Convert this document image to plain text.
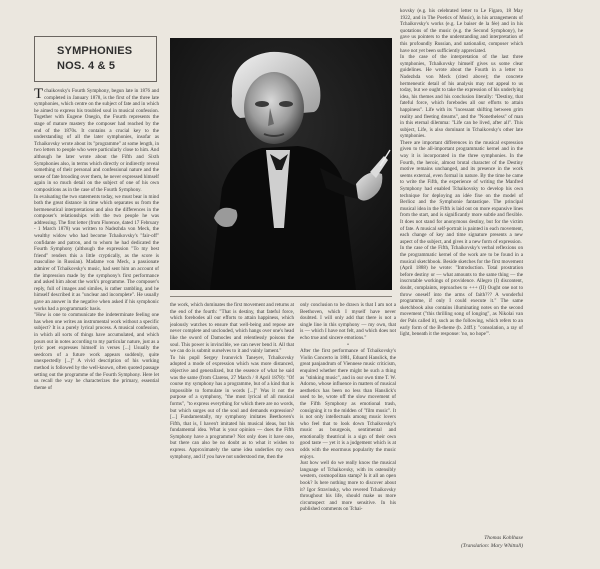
SYMPHONIES
NOS. 4 & 5

Tchaikovsky's Fourth Symphony, begun late in 1876 and completed in January 1878, is the first of the three late symphonies, which centre on the subject of fate and in which he aimed to express his troubled soul in musical confession. Together with Eugene Onegin, the Fourth represents the stage of mature mastery the composer had reached by the end of the 1870s. It contains a crucial key to the understanding of all the later symphonies, insofar as Tchaikovsky wrote about its "programme" at some length, in two letters to people who were particularly close to him. And although he later wrote about the Fifth and Sixth Symphonies also, in terms which directly or indirectly reveal something of their personal and confessional nature and the sense of fate brooding over them, he never expressed himself again in so much detail on the subject of one of his own compositions as in the case of the Fourth Symphony.

In evaluating the two statements today, we must bear in mind both the great distance in time which separates us from the hermeneutical interpretations and also the differences in the composer's relationships with the two people he was addressing. The first letter (from Florence, dated 17 February - 1 March 1878) was written to Nadezhda von Meck, the wealthy widow who had become Tchaikovsky's "fair-off" confidante and patron, and to whom he had dedicated the Fourth Symphony (although the expression "To my best friend" renders this a little cryptically, as the score is masculine in Russian). Madame von Meck, a passionate admirer of Tchaikovsky's music, had sent him an account of the impression made by the symphony's first performance and asked him about the work's programme. The composer's reply, full of images and similes, is rather rambling, and he himself described it as "unclear and incomplete". He usually gave an answer in the negative when asked if his symphonic works had a programmatic basis.

"How is one to communicate the indeterminate feeling one has when one writes an instrumental work without a specific subject? It is a purely lyrical process. A musical confession, in which all sorts of things have accumulated, and which pours out in notes according to my particular nature, just as a lyric poet expresses himself in verses [...] Usually the seedcorn of a future work appears suddenly, quite unexpectedly [...]" A vivid description of his working method is followed by the well-known, often quoted passage setting out the programme of the Fourth Symphony. Here let us recall the way he characterizes the primary, essential theme of

the work, which dominates the first movement and returns at the end of the fourth: "That is destiny, that fateful force, which forebodes all our efforts to attain happiness, which jealously watches to ensure that well-being and repose are never complete and unclouded, which hangs over one's head like the sword of Damocles and relentlessly poisons the soul. This power is invincible, we can never bend it. All that we can do is submit ourselves to it and vainly lament."

To his pupil Sergey Ivanovich Taneyev, Tchaikovsky adopted a mode of expression which was more distanced, objective and generalized, but the essence of what he said was the same (from Clarens, 27 March / 8 April 1878): "Of course my symphony has a programme, but of a kind that is impossible to formulate in words [...]" Was it not the purpose of a symphony, "the most lyrical of all musical forms", "to express everything for which there are no words, but which surges out of the soul and demands expression? [...] Fundamentally, my symphony imitates Beethoven's Fifth, that is, I haven't imitated his musical ideas, but his fundamental idea. What is your opinion — does the Fifth Symphony have a programme? Not only does it have one, but there can also be no doubt as to what it wishes to express. Approximately the same idea underlies my own symphony, and if you have not understood me, then the

only conclusion to be drawn is that I am not a Beethoven, which I myself have never doubted. I will only add that there is not a single line in this symphony — my own, that is — which I have not felt, and which does not echo true and sincere emotions."

•

After the first performance of Tchaikovsky's Violin Concerto in 1881, Eduard Hanslick, the great panjandrum of Viennese music criticism, enquired whether there might be such a thing as "stinking music", and in our own time T. W. Adorno, whose influence in matters of musical aesthetics has been no less than Hanslick's used to be, wrote off the slow movement of the Fifth Symphony as emotional trash, consigning it to the midden of "film music". It is not only intellectuals among music lovers who feel that to look down Tchaikovsky's music as bourgeois, sentimental and emotionally theatrical is a sign of their own good taste — yet it is a judgement which is at odds with the enormous popularity the music enjoys.

Just how well do we really know the musical language of Tchaikovsky, with its ostensibly western, cosmopolitan stamp? Is it all an open book? Is here nothing more to discover about it? Igor Stravinsky, who revered Tchaikovsky throughout his life, should make us more circumspect and more sensitive. In his published comments on Tchai-

kovsky (e.g. his celebrated letter to Le Figaro, 18 May 1922, and in The Poetics of Music), in his arrangements of Tchaikovsky's works (e.g. Le baiser de la fée) and in his quotations of the music (e.g. the Second Symphony), he gave us pointers to the understanding and interpretation of this profoundly Russian, and nationalist, composer which have not yet been sufficiently appreciated.

In the case of the interpretation of the last three symphonies, Tchaikovsky himself gives us some clear guidelines. He wrote about the Fourth in a letter to Nadezhda von Meck (cited above); the concrete hermeneutic detail of his analysis may not appeal to us today, but we ought to take the expression of his underlying idea, his themes and his conclusion literally: "Destiny, that fateful force, which forebodes all our efforts to attain happiness". Life with its "incessant shifting between grim reality and fleeting dreams", and the "Nonetheless" of man in this eternal dilemma: "Life can be lived, after all". This subject, Life, is also dominant in Tchaikovsky's other late symphonies.

There are important differences in the musical expression given to the all-important programmatic kernel and in the way it is incorporated in the three symphonies. In the Fourth, the heroic, almost brutal character of the Destiny motive remains unchanged, and its presence in the work seems external, even formal in nature. By the time he came to write the Fifth, the experience of writing the Manfred Symphony had enabled Tchaikovsky to develop his own technique for deploying an idée fixe on the model of Berlioz and the Symphonie fantastique. The principal musical idea in the Fifth is laid out on more expansive lines from the start, and is significantly more subtle and flexible. It does not stand for anonymous destiny, but for the victim of fate. A musical self-portrait is painted in each movement, each change of key and time signature presents a new aspect of the subject, and gives it a new form of expression.

In the case of the Fifth, Tchaikovsky's verbal reflexions on the programmatic kernel of the work are to be found in a musical sketchbook. Beside sketches for the first movement (April 1888) he wrote: "Introduction. Total prostration before destiny or — what amounts to the same thing — the inscrutable workings of providence. Allegro (I) discontent, doubt, complaints, reproaches to +++ (II) Ought one not to throw oneself into the arms of faith??? A wonderful programme, if only I could execute it." The same sketchbook also contains illuminating notes on the second movement ("this thrilling song of longing", as Nikolai van der Pals called it), such as the following, which refers to an early form of the B-theme (b. 24ff.): "consolation, a ray of light, beneath it the response: 'no, no hope'".

Thomas Kohlhase
(Translation: Mary Whittall)
